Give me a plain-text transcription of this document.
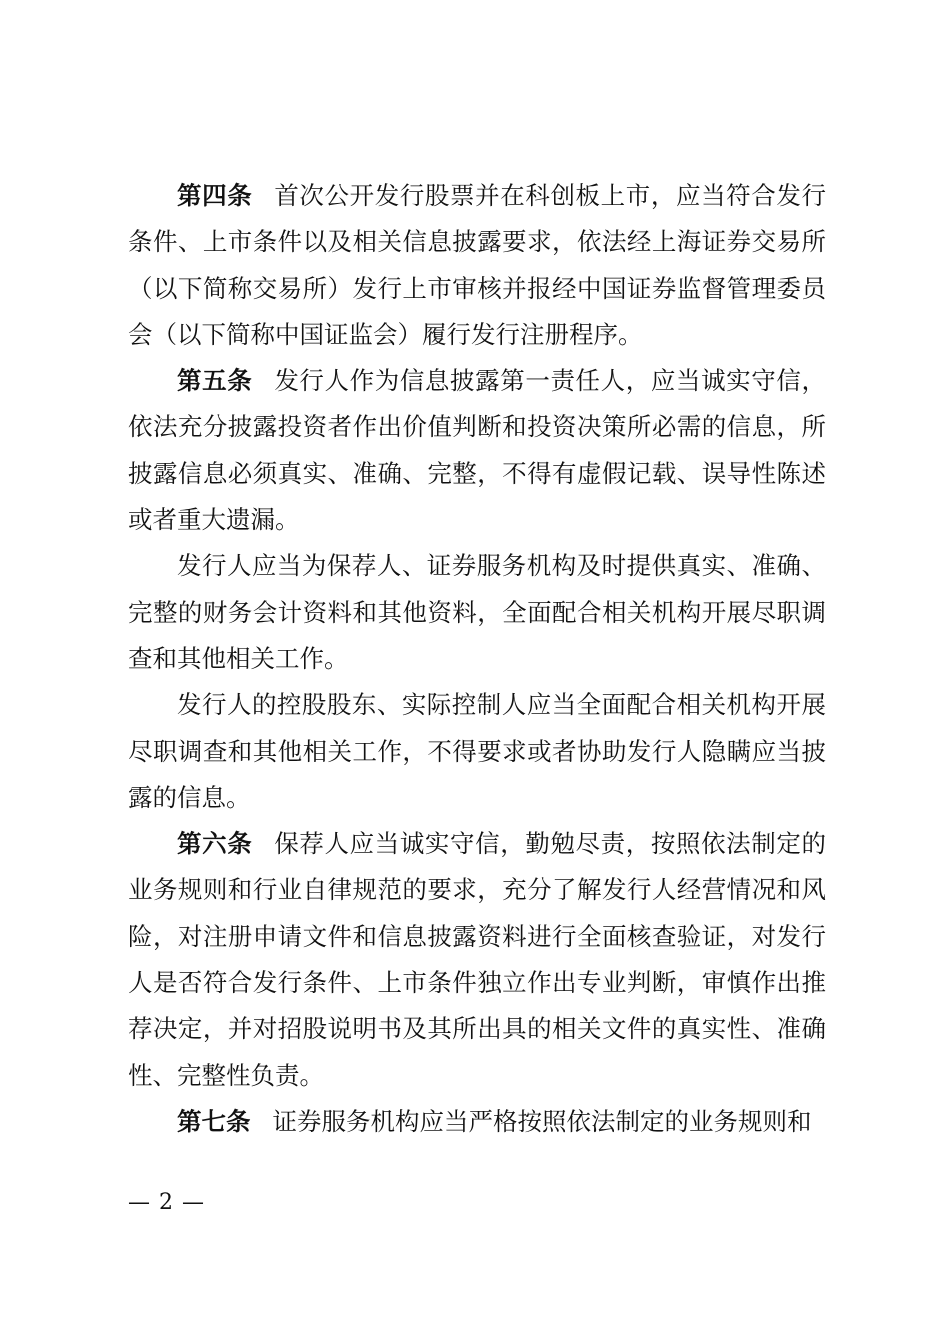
第四条 首次公开发行股票并在科创板上市，应当符合发行条件、上市条件以及相关信息披露要求，依法经上海证券交易所（以下简称交易所）发行上市审核并报经中国证券监督管理委员会（以下简称中国证监会）履行发行注册程序。

第五条 发行人作为信息披露第一责任人，应当诚实守信，依法充分披露投资者作出价值判断和投资决策所必需的信息，所披露信息必须真实、准确、完整，不得有虚假记载、误导性陈述或者重大遗漏。

发行人应当为保荐人、证券服务机构及时提供真实、准确、完整的财务会计资料和其他资料，全面配合相关机构开展尽职调查和其他相关工作。

发行人的控股股东、实际控制人应当全面配合相关机构开展尽职调查和其他相关工作，不得要求或者协助发行人隐瞒应当披露的信息。

第六条 保荐人应当诚实守信，勤勉尽责，按照依法制定的业务规则和行业自律规范的要求，充分了解发行人经营情况和风险，对注册申请文件和信息披露资料进行全面核查验证，对发行人是否符合发行条件、上市条件独立作出专业判断，审慎作出推荐决定，并对招股说明书及其所出具的相关文件的真实性、准确性、完整性负责。

第七条 证券服务机构应当严格按照依法制定的业务规则和

— 2 —
